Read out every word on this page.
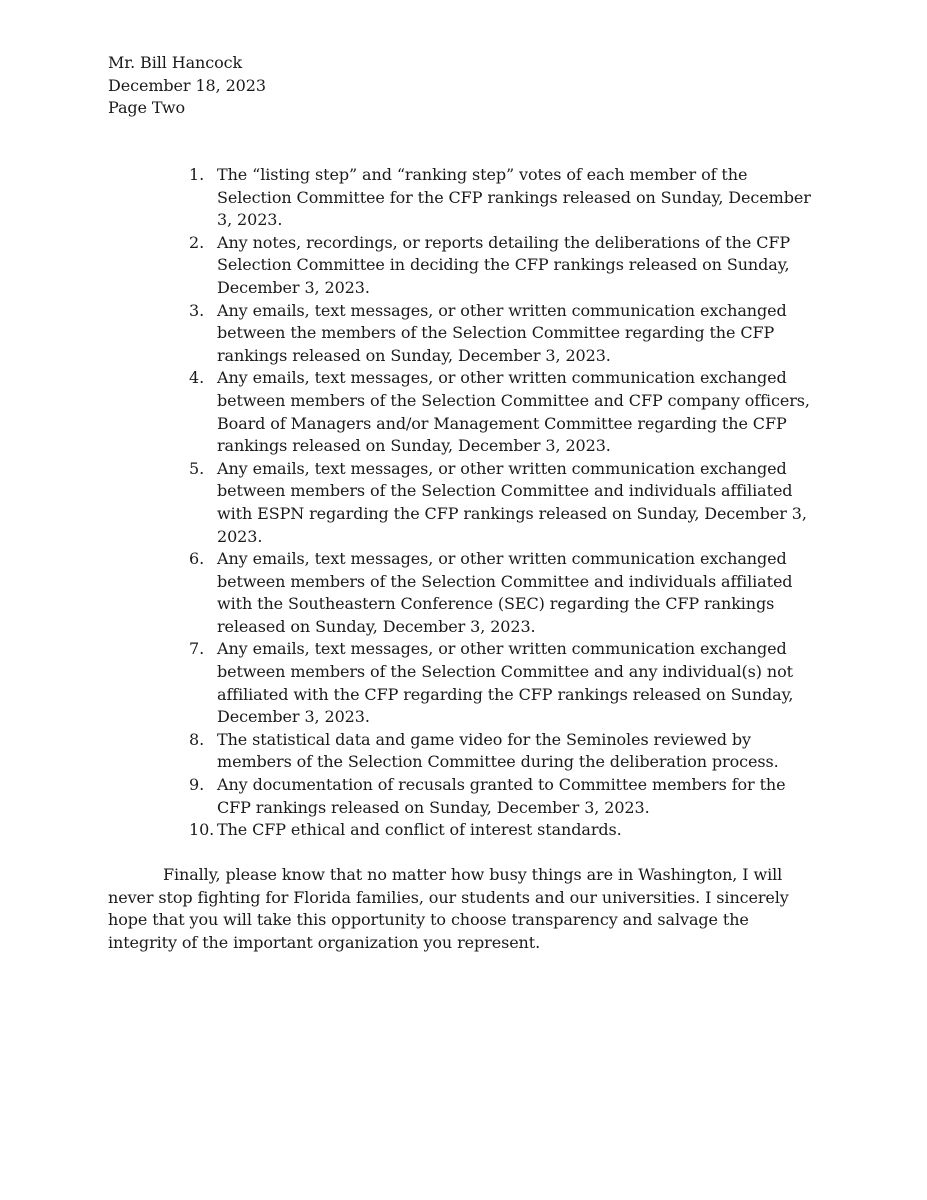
Mr. Bill Hancock
December 18, 2023
Page Two
1. The “listing step” and “ranking step” votes of each member of the Selection Committee for the CFP rankings released on Sunday, December 3, 2023.
2. Any notes, recordings, or reports detailing the deliberations of the CFP Selection Committee in deciding the CFP rankings released on Sunday, December 3, 2023.
3. Any emails, text messages, or other written communication exchanged between the members of the Selection Committee regarding the CFP rankings released on Sunday, December 3, 2023.
4. Any emails, text messages, or other written communication exchanged between members of the Selection Committee and CFP company officers, Board of Managers and/or Management Committee regarding the CFP rankings released on Sunday, December 3, 2023.
5. Any emails, text messages, or other written communication exchanged between members of the Selection Committee and individuals affiliated with ESPN regarding the CFP rankings released on Sunday, December 3, 2023.
6. Any emails, text messages, or other written communication exchanged between members of the Selection Committee and individuals affiliated with the Southeastern Conference (SEC) regarding the CFP rankings released on Sunday, December 3, 2023.
7. Any emails, text messages, or other written communication exchanged between members of the Selection Committee and any individual(s) not affiliated with the CFP regarding the CFP rankings released on Sunday, December 3, 2023.
8. The statistical data and game video for the Seminoles reviewed by members of the Selection Committee during the deliberation process.
9. Any documentation of recusals granted to Committee members for the CFP rankings released on Sunday, December 3, 2023.
10. The CFP ethical and conflict of interest standards.

Finally, please know that no matter how busy things are in Washington, I will never stop fighting for Florida families, our students and our universities. I sincerely hope that you will take this opportunity to choose transparency and salvage the integrity of the important organization you represent.
